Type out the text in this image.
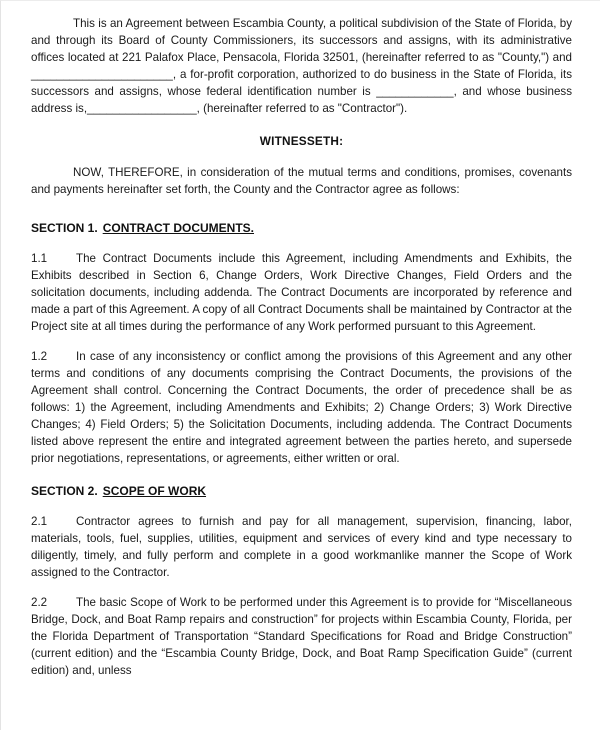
This is an Agreement between Escambia County, a political subdivision of the State of Florida, by and through its Board of County Commissioners, its successors and assigns, with its administrative offices located at 221 Palafox Place, Pensacola, Florida 32501, (hereinafter referred to as "County,") and ______________________, a for-profit corporation, authorized to do business in the State of Florida, its successors and assigns, whose federal identification number is ____________, and whose business address is,_________________, (hereinafter referred to as "Contractor").

WITNESSETH:

NOW, THEREFORE, in consideration of the mutual terms and conditions, promises, covenants and payments hereinafter set forth, the County and the Contractor agree as follows:

SECTION 1. CONTRACT DOCUMENTS.

1.1 The Contract Documents include this Agreement, including Amendments and Exhibits, the Exhibits described in Section 6, Change Orders, Work Directive Changes, Field Orders and the solicitation documents, including addenda. The Contract Documents are incorporated by reference and made a part of this Agreement. A copy of all Contract Documents shall be maintained by Contractor at the Project site at all times during the performance of any Work performed pursuant to this Agreement.

1.2 In case of any inconsistency or conflict among the provisions of this Agreement and any other terms and conditions of any documents comprising the Contract Documents, the provisions of the Agreement shall control. Concerning the Contract Documents, the order of precedence shall be as follows: 1) the Agreement, including Amendments and Exhibits; 2) Change Orders; 3) Work Directive Changes; 4) Field Orders; 5) the Solicitation Documents, including addenda. The Contract Documents listed above represent the entire and integrated agreement between the parties hereto, and supersede prior negotiations, representations, or agreements, either written or oral.

SECTION 2. SCOPE OF WORK

2.1 Contractor agrees to furnish and pay for all management, supervision, financing, labor, materials, tools, fuel, supplies, utilities, equipment and services of every kind and type necessary to diligently, timely, and fully perform and complete in a good workmanlike manner the Scope of Work assigned to the Contractor.

2.2 The basic Scope of Work to be performed under this Agreement is to provide for “Miscellaneous Bridge, Dock, and Boat Ramp repairs and construction” for projects within Escambia County, Florida, per the Florida Department of Transportation “Standard Specifications for Road and Bridge Construction” (current edition) and the “Escambia County Bridge, Dock, and Boat Ramp Specification Guide” (current edition) and, unless
